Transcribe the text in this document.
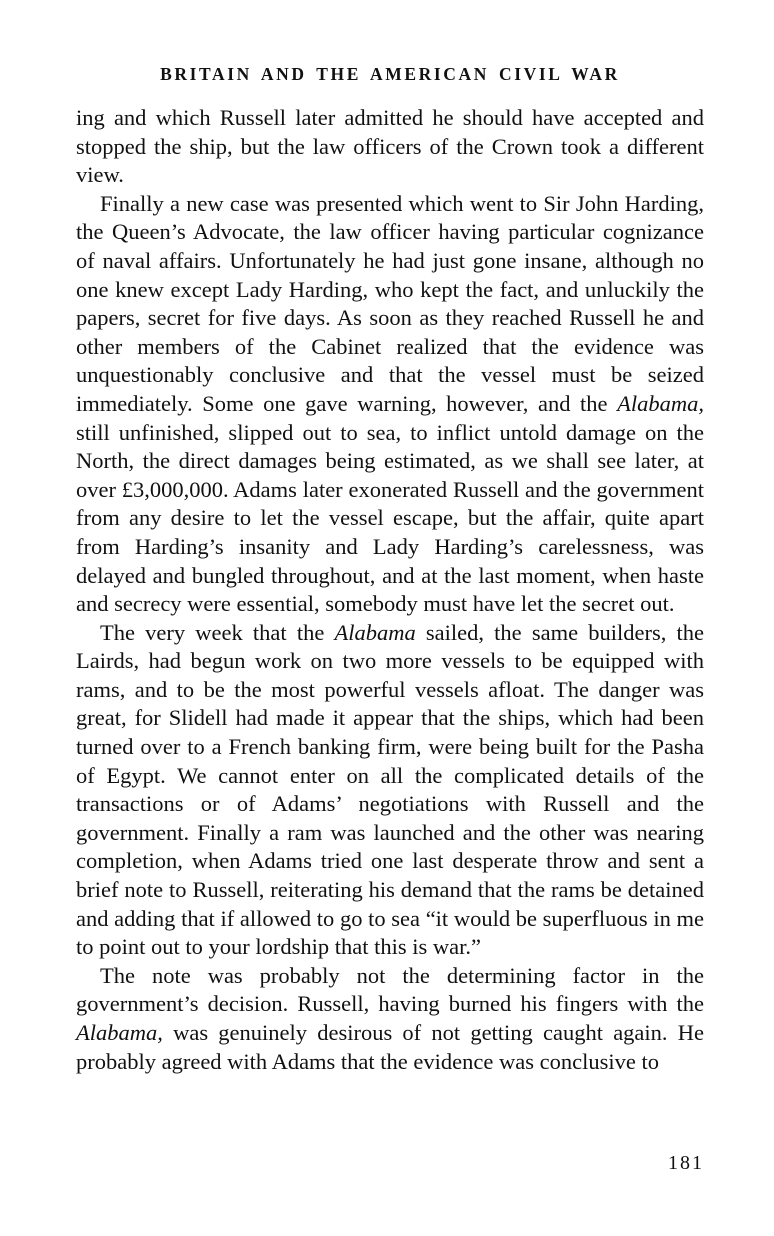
BRITAIN AND THE AMERICAN CIVIL WAR

ing and which Russell later admitted he should have accepted and stopped the ship, but the law officers of the Crown took a different view.

Finally a new case was presented which went to Sir John Harding, the Queen’s Advocate, the law officer having particular cognizance of naval affairs. Unfortunately he had just gone insane, although no one knew except Lady Harding, who kept the fact, and unluckily the papers, secret for five days. As soon as they reached Russell he and other members of the Cabinet realized that the evidence was unquestionably conclusive and that the vessel must be seized immediately. Some one gave warning, however, and the Alabama, still unfinished, slipped out to sea, to inflict untold damage on the North, the direct damages being estimated, as we shall see later, at over £3,000,000. Adams later exonerated Russell and the government from any desire to let the vessel escape, but the affair, quite apart from Harding’s insanity and Lady Harding’s carelessness, was delayed and bungled throughout, and at the last moment, when haste and secrecy were essential, somebody must have let the secret out.

The very week that the Alabama sailed, the same builders, the Lairds, had begun work on two more vessels to be equipped with rams, and to be the most powerful vessels afloat. The danger was great, for Slidell had made it appear that the ships, which had been turned over to a French banking firm, were being built for the Pasha of Egypt. We cannot enter on all the complicated details of the transactions or of Adams’ negotiations with Russell and the government. Finally a ram was launched and the other was nearing completion, when Adams tried one last desperate throw and sent a brief note to Russell, reiterating his demand that the rams be detained and adding that if allowed to go to sea “it would be superfluous in me to point out to your lordship that this is war.”

The note was probably not the determining factor in the government’s decision. Russell, having burned his fingers with the Alabama, was genuinely desirous of not getting caught again. He probably agreed with Adams that the evidence was conclusive to

181
